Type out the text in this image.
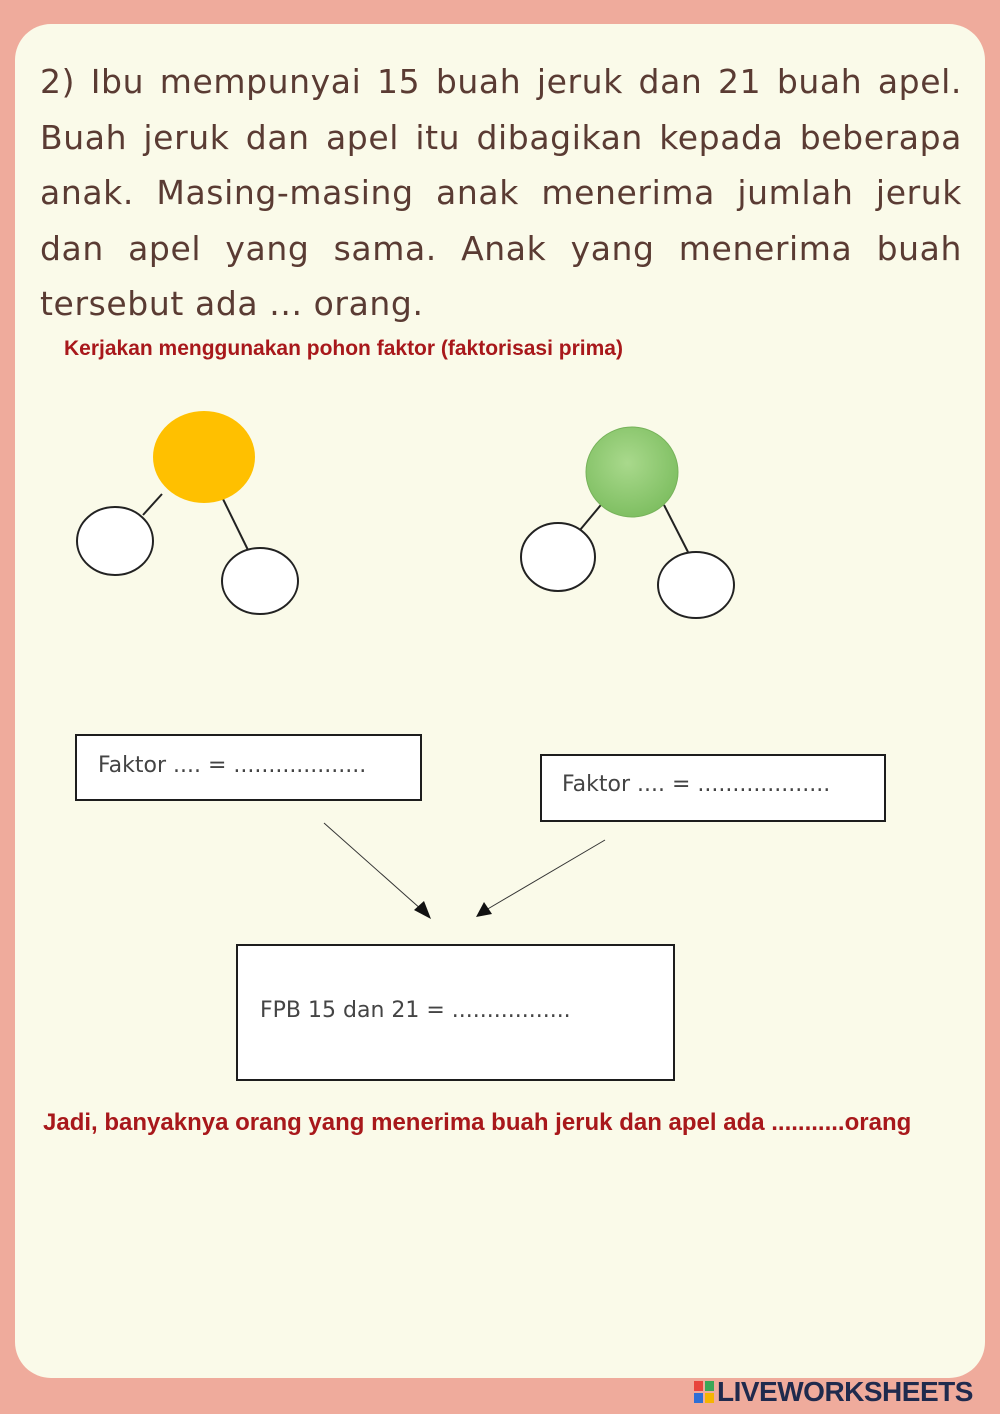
2) Ibu mempunyai 15 buah jeruk dan 21 buah apel. Buah jeruk dan apel itu dibagikan kepada beberapa anak. Masing-masing anak menerima jumlah jeruk dan apel yang sama. Anak yang menerima buah tersebut ada ... orang.

Kerjakan menggunakan pohon faktor (faktorisasi prima)
Faktor .... = ...................
Faktor .... = ...................
FPB 15 dan 21 = .................
Jadi, banyaknya orang yang menerima buah jeruk dan apel ada ...........orang
LIVEWORKSHEETS
